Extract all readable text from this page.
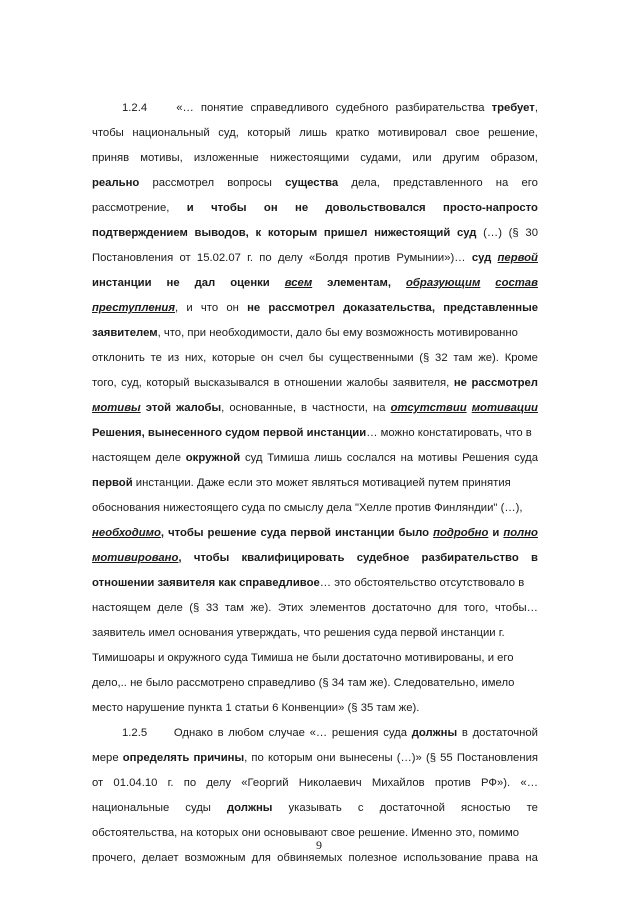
1.2.4	«… понятие справедливого судебного разбирательства требует,
чтобы национальный суд, который лишь кратко мотивировал свое решение,
приняв мотивы, изложенные нижестоящими судами, или другим образом,
реально рассмотрел вопросы существа дела, представленного на его
рассмотрение, и чтобы он не довольствовался просто-напросто
подтверждением выводов, к которым пришел нижестоящий суд (…) (§ 30
Постановления от 15.02.07 г. по делу «Болдя против Румынии»)… суд первой
инстанции не дал оценки всем элементам, образующим состав
преступления, и что он не рассмотрел доказательства, представленные
заявителем, что, при необходимости, дало бы ему возможность мотивированно
отклонить те из них, которые он счел бы существенными (§ 32 там же). Кроме
того, суд, который высказывался в отношении жалобы заявителя, не рассмотрел
мотивы этой жалобы, основанные, в частности, на отсутствии мотивации
Решения, вынесенного судом первой инстанции… можно констатировать, что в
настоящем деле окружной суд Тимиша лишь сослался на мотивы Решения суда
первой инстанции. Даже если это может являться мотивацией путем принятия
обоснования нижестоящего суда по смыслу дела "Хелле против Финляндии" (…),
необходимо, чтобы решение суда первой инстанции было подробно и полно
мотивировано, чтобы квалифицировать судебное разбирательство в
отношении заявителя как справедливое… это обстоятельство отсутствовало в
настоящем деле (§ 33 там же). Этих элементов достаточно для того, чтобы…
заявитель имел основания утверждать, что решения суда первой инстанции г.
Тимишоары и окружного суда Тимиша не были достаточно мотивированы, и его
дело,.. не было рассмотрено справедливо (§ 34 там же). Следовательно, имело
место нарушение пункта 1 статьи 6 Конвенции» (§ 35 там же).
1.2.5 Однако в любом случае «… решения суда должны в достаточной
мере определять причины, по которым они вынесены (…)» (§ 55 Постановления
от 01.04.10 г. по делу «Георгий Николаевич Михайлов против РФ»). «…
национальные суды должны указывать с достаточной ясностью те
обстоятельства, на которых они основывают свое решение. Именно это, помимо
прочего, делает возможным для обвиняемых полезное использование права на
9
